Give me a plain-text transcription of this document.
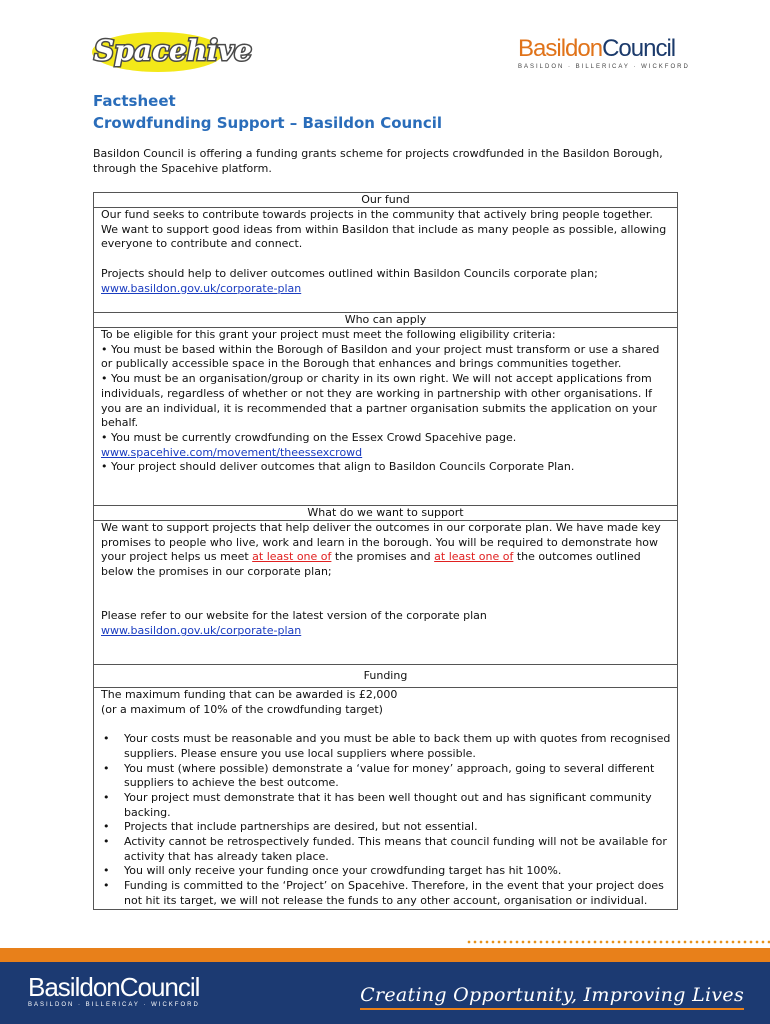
Spacehive	BasildonCouncil
BASILDON · BILLERICAY · WICKFORD
Factsheet
Crowdfunding Support – Basildon Council
Basildon Council is offering a funding grants scheme for projects crowdfunded in the Basildon Borough, through the Spacehive platform.
Our fund
Our fund seeks to contribute towards projects in the community that actively bring people together. We want to support good ideas from within Basildon that include as many people as possible, allowing everyone to contribute and connect.
Projects should help to deliver outcomes outlined within Basildon Councils corporate plan;
www.basildon.gov.uk/corporate-plan
Who can apply
To be eligible for this grant your project must meet the following eligibility criteria:
• You must be based within the Borough of Basildon and your project must transform or use a shared or publically accessible space in the Borough that enhances and brings communities together.
• You must be an organisation/group or charity in its own right. We will not accept applications from individuals, regardless of whether or not they are working in partnership with other organisations. If you are an individual, it is recommended that a partner organisation submits the application on your behalf.
• You must be currently crowdfunding on the Essex Crowd Spacehive page.
www.spacehive.com/movement/theessexcrowd
• Your project should deliver outcomes that align to Basildon Councils Corporate Plan.
What do we want to support
We want to support projects that help deliver the outcomes in our corporate plan. We have made key promises to people who live, work and learn in the borough. You will be required to demonstrate how your project helps us meet at least one of the promises and at least one of the outcomes outlined below the promises in our corporate plan;
Please refer to our website for the latest version of the corporate plan
www.basildon.gov.uk/corporate-plan
Funding
The maximum funding that can be awarded is £2,000
(or a maximum of 10% of the crowdfunding target)
• Your costs must be reasonable and you must be able to back them up with quotes from recognised suppliers. Please ensure you use local suppliers where possible.
• You must (where possible) demonstrate a ‘value for money’ approach, going to several different suppliers to achieve the best outcome.
• Your project must demonstrate that it has been well thought out and has significant community backing.
• Projects that include partnerships are desired, but not essential.
• Activity cannot be retrospectively funded. This means that council funding will not be available for activity that has already taken place.
• You will only receive your funding once your crowdfunding target has hit 100%.
• Funding is committed to the ‘Project’ on Spacehive. Therefore, in the event that your project does not hit its target, we will not release the funds to any other account, organisation or individual.
BasildonCouncil
BASILDON · BILLERICAY · WICKFORD	Creating Opportunity, Improving Lives
